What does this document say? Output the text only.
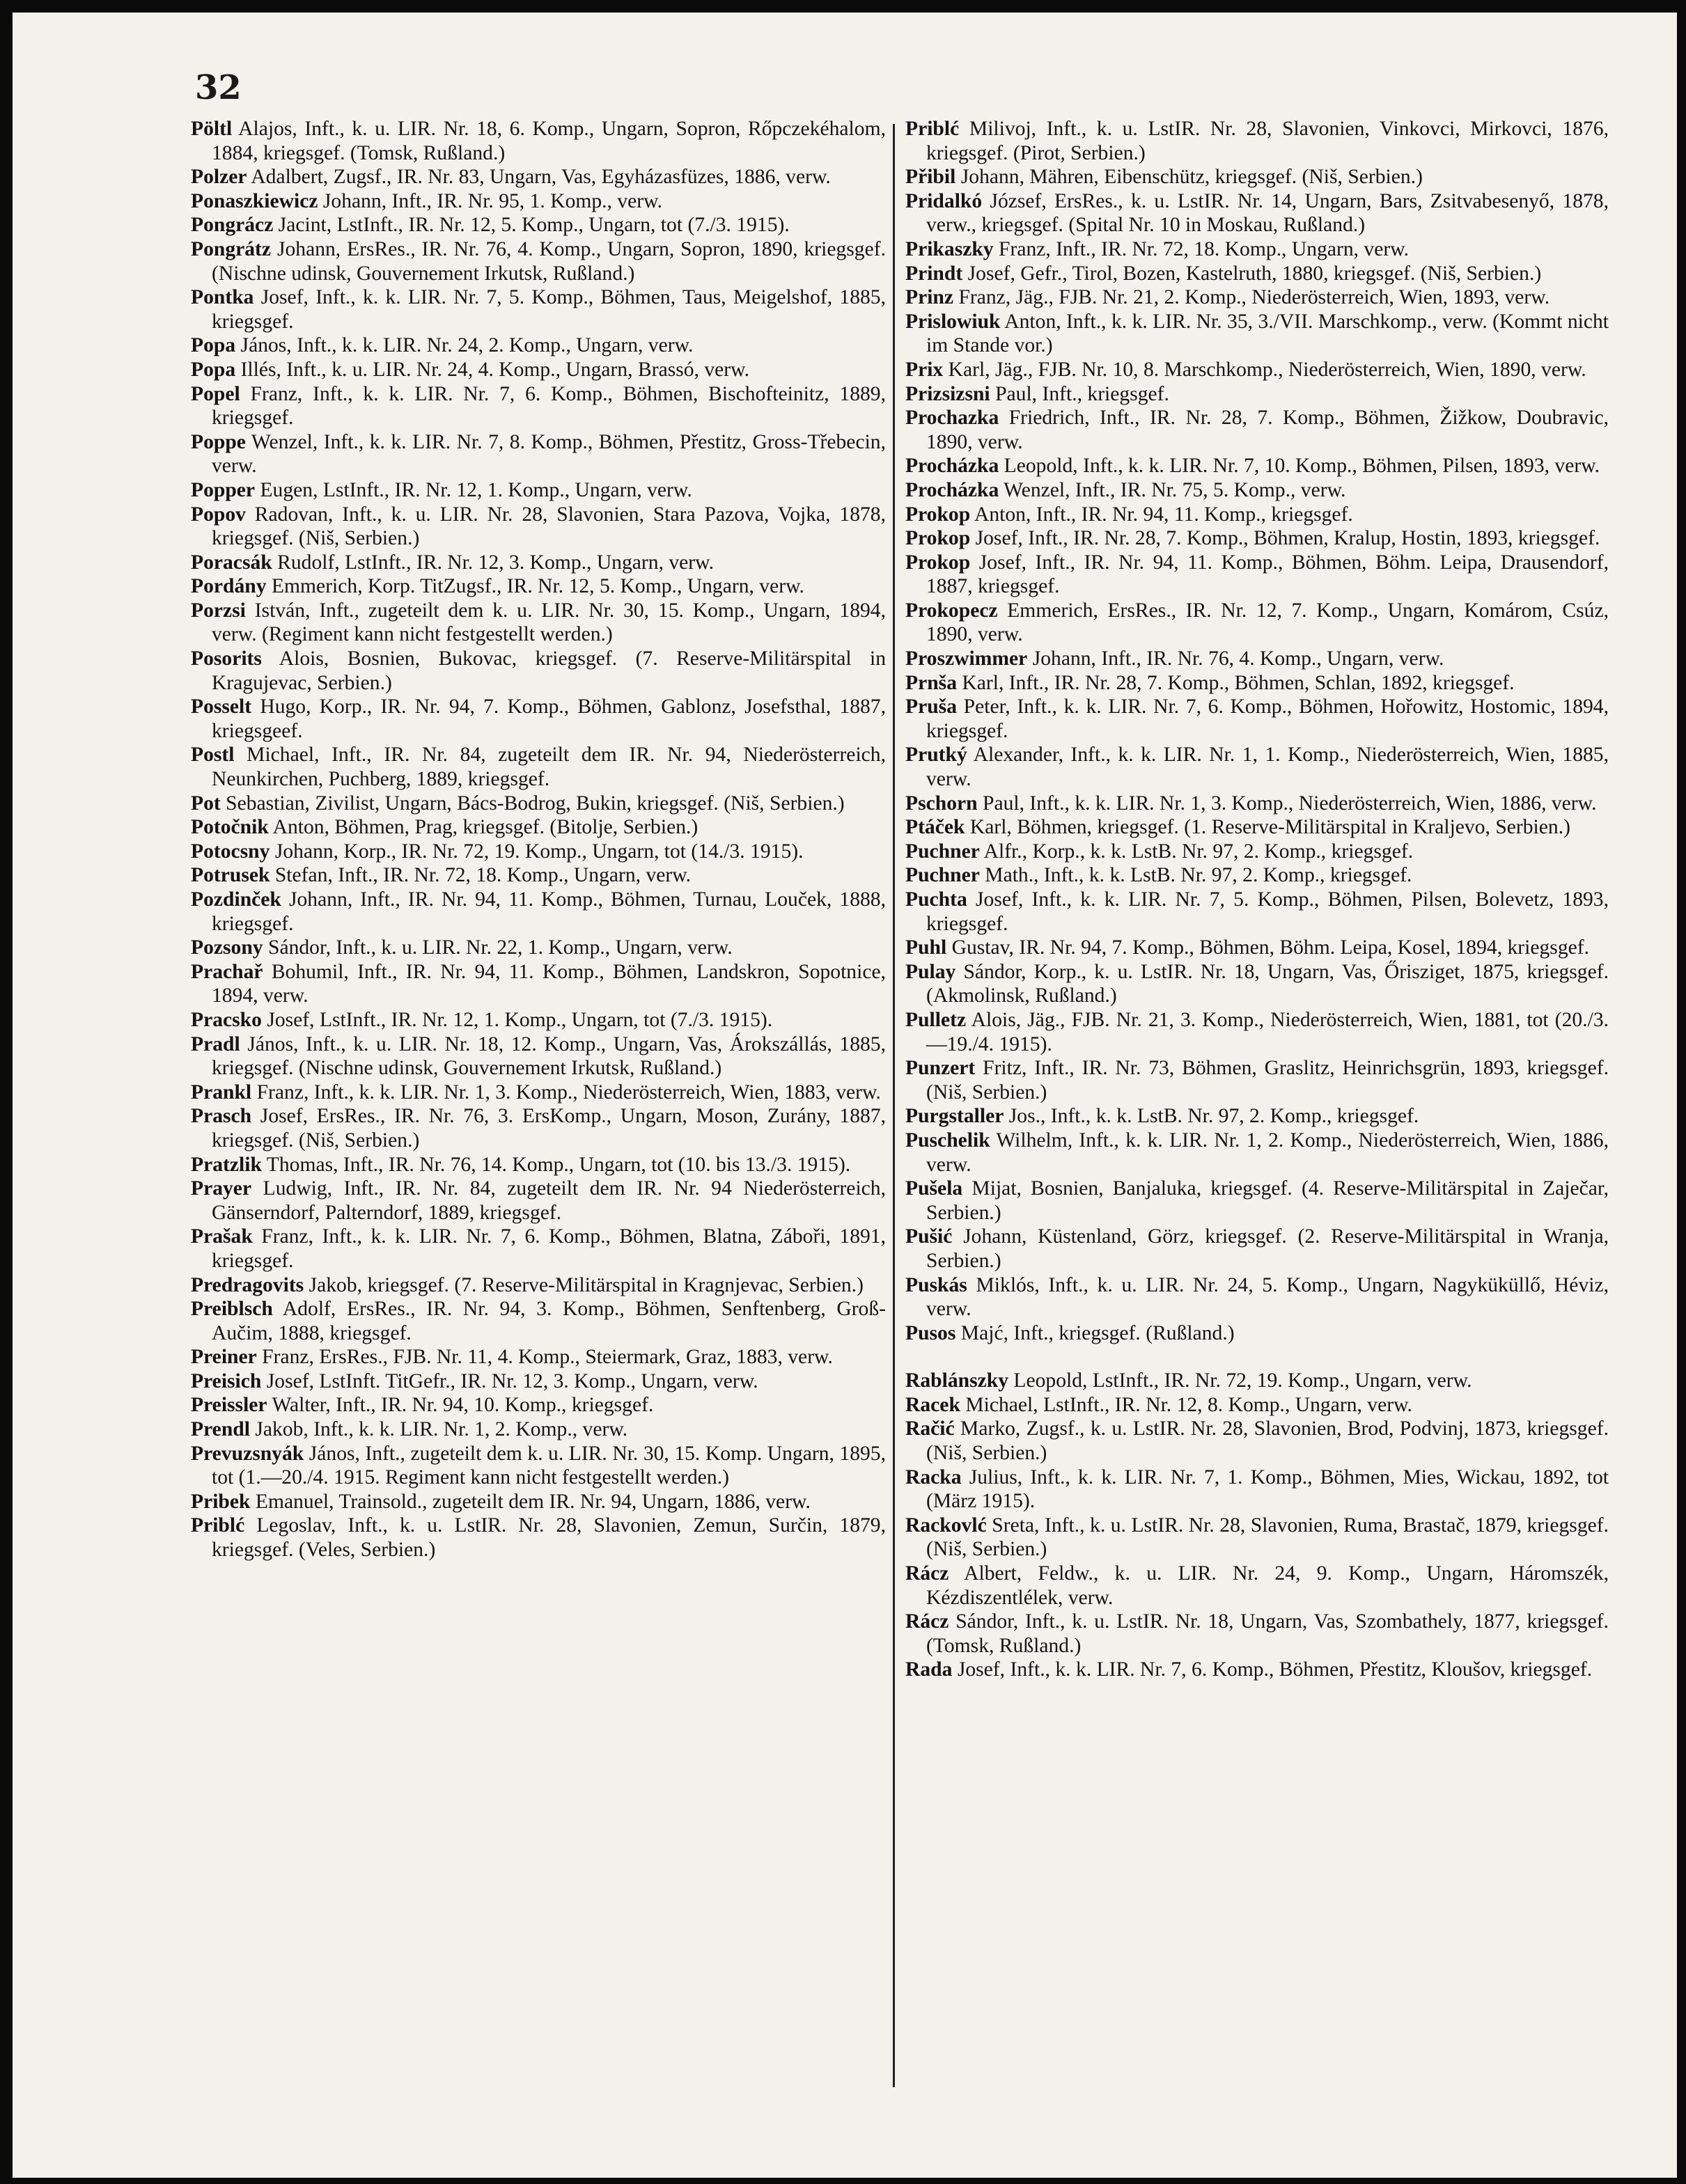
32

Pöltl Alajos, Inft., k. u. LIR. Nr. 18, 6. Komp., Ungarn, Sopron, Rőpczekéhalom, 1884, kriegsgef. (Tomsk, Rußland.)

Polzer Adalbert, Zugsf., IR. Nr. 83, Ungarn, Vas, Egyházasfüzes, 1886, verw.

Ponaszkiewicz Johann, Inft., IR. Nr. 95, 1. Komp., verw.

Pongrácz Jacint, LstInft., IR. Nr. 12, 5. Komp., Ungarn, tot (7./3. 1915).

Pongrátz Johann, ErsRes., IR. Nr. 76, 4. Komp., Ungarn, Sopron, 1890, kriegsgef. (Nischne udinsk, Gouvernement Irkutsk, Rußland.)

Pontka Josef, Inft., k. k. LIR. Nr. 7, 5. Komp., Böhmen, Taus, Meigelshof, 1885, kriegsgef.

Popa János, Inft., k. k. LIR. Nr. 24, 2. Komp., Ungarn, verw.

Popa Illés, Inft., k. u. LIR. Nr. 24, 4. Komp., Ungarn, Brassó, verw.

Popel Franz, Inft., k. k. LIR. Nr. 7, 6. Komp., Böhmen, Bischofteinitz, 1889, kriegsgef.

Poppe Wenzel, Inft., k. k. LIR. Nr. 7, 8. Komp., Böhmen, Přestitz, Gross-Třebecin, verw.

Popper Eugen, LstInft., IR. Nr. 12, 1. Komp., Ungarn, verw.

Popov Radovan, Inft., k. u. LIR. Nr. 28, Slavonien, Stara Pazova, Vojka, 1878, kriegsgef. (Niš, Serbien.)

Poracsák Rudolf, LstInft., IR. Nr. 12, 3. Komp., Ungarn, verw.

Pordány Emmerich, Korp. TitZugsf., IR. Nr. 12, 5. Komp., Ungarn, verw.

Porzsi István, Inft., zugeteilt dem k. u. LIR. Nr. 30, 15. Komp., Ungarn, 1894, verw. (Regiment kann nicht festgestellt werden.)

Posorits Alois, Bosnien, Bukovac, kriegsgef. (7. Reserve-Militärspital in Kragujevac, Serbien.)

Posselt Hugo, Korp., IR. Nr. 94, 7. Komp., Böhmen, Gablonz, Josefsthal, 1887, kriegsgeef.

Postl Michael, Inft., IR. Nr. 84, zugeteilt dem IR. Nr. 94, Niederösterreich, Neunkirchen, Puchberg, 1889, kriegsgef.

Pot Sebastian, Zivilist, Ungarn, Bács-Bodrog, Bukin, kriegsgef. (Niš, Serbien.)

Potočnik Anton, Böhmen, Prag, kriegsgef. (Bitolje, Serbien.)

Potocsny Johann, Korp., IR. Nr. 72, 19. Komp., Ungarn, tot (14./3. 1915).

Potrusek Stefan, Inft., IR. Nr. 72, 18. Komp., Ungarn, verw.

Pozdinček Johann, Inft., IR. Nr. 94, 11. Komp., Böhmen, Turnau, Louček, 1888, kriegsgef.

Pozsony Sándor, Inft., k. u. LIR. Nr. 22, 1. Komp., Ungarn, verw.

Prachař Bohumil, Inft., IR. Nr. 94, 11. Komp., Böhmen, Landskron, Sopotnice, 1894, verw.

Pracsko Josef, LstInft., IR. Nr. 12, 1. Komp., Ungarn, tot (7./3. 1915).

Pradl János, Inft., k. u. LIR. Nr. 18, 12. Komp., Ungarn, Vas, Árokszállás, 1885, kriegsgef. (Nischne udinsk, Gouvernement Irkutsk, Rußland.)

Prankl Franz, Inft., k. k. LIR. Nr. 1, 3. Komp., Niederösterreich, Wien, 1883, verw.

Prasch Josef, ErsRes., IR. Nr. 76, 3. ErsKomp., Ungarn, Moson, Zurány, 1887, kriegsgef. (Niš, Serbien.)

Pratzlik Thomas, Inft., IR. Nr. 76, 14. Komp., Ungarn, tot (10. bis 13./3. 1915).

Prayer Ludwig, Inft., IR. Nr. 84, zugeteilt dem IR. Nr. 94 Niederösterreich, Gänserndorf, Palterndorf, 1889, kriegsgef.

Prašak Franz, Inft., k. k. LIR. Nr. 7, 6. Komp., Böhmen, Blatna, Záboři, 1891, kriegsgef.

Predragovits Jakob, kriegsgef. (7. Reserve-Militärspital in Kragnjevac, Serbien.)

Preiblsch Adolf, ErsRes., IR. Nr. 94, 3. Komp., Böhmen, Senftenberg, Groß-Aučim, 1888, kriegsgef.

Preiner Franz, ErsRes., FJB. Nr. 11, 4. Komp., Steiermark, Graz, 1883, verw.

Preisich Josef, LstInft. TitGefr., IR. Nr. 12, 3. Komp., Ungarn, verw.

Preissler Walter, Inft., IR. Nr. 94, 10. Komp., kriegsgef.

Prendl Jakob, Inft., k. k. LIR. Nr. 1, 2. Komp., verw.

Prevuzsnyák János, Inft., zugeteilt dem k. u. LIR. Nr. 30, 15. Komp. Ungarn, 1895, tot (1.—20./4. 1915. Regiment kann nicht festgestellt werden.)

Pribek Emanuel, Trainsold., zugeteilt dem IR. Nr. 94, Ungarn, 1886, verw.

Priblć Legoslav, Inft., k. u. LstIR. Nr. 28, Slavonien, Zemun, Surčin, 1879, kriegsgef. (Veles, Serbien.)

Priblć Milivoj, Inft., k. u. LstIR. Nr. 28, Slavonien, Vinkovci, Mirkovci, 1876, kriegsgef. (Pirot, Serbien.)

Přibil Johann, Mähren, Eibenschütz, kriegsgef. (Niš, Serbien.)

Pridalkó József, ErsRes., k. u. LstIR. Nr. 14, Ungarn, Bars, Zsitvabesenyő, 1878, verw., kriegsgef. (Spital Nr. 10 in Moskau, Rußland.)

Prikaszky Franz, Inft., IR. Nr. 72, 18. Komp., Ungarn, verw.

Prindt Josef, Gefr., Tirol, Bozen, Kastelruth, 1880, kriegsgef. (Niš, Serbien.)

Prinz Franz, Jäg., FJB. Nr. 21, 2. Komp., Niederösterreich, Wien, 1893, verw.

Prislowiuk Anton, Inft., k. k. LIR. Nr. 35, 3./VII. Marschkomp., verw. (Kommt nicht im Stande vor.)

Prix Karl, Jäg., FJB. Nr. 10, 8. Marschkomp., Niederösterreich, Wien, 1890, verw.

Prizsizsni Paul, Inft., kriegsgef.

Prochazka Friedrich, Inft., IR. Nr. 28, 7. Komp., Böhmen, Žižkow, Doubravic, 1890, verw.

Procházka Leopold, Inft., k. k. LIR. Nr. 7, 10. Komp., Böhmen, Pilsen, 1893, verw.

Procházka Wenzel, Inft., IR. Nr. 75, 5. Komp., verw.

Prokop Anton, Inft., IR. Nr. 94, 11. Komp., kriegsgef.

Prokop Josef, Inft., IR. Nr. 28, 7. Komp., Böhmen, Kralup, Hostin, 1893, kriegsgef.

Prokop Josef, Inft., IR. Nr. 94, 11. Komp., Böhmen, Böhm. Leipa, Drausendorf, 1887, kriegsgef.

Prokopecz Emmerich, ErsRes., IR. Nr. 12, 7. Komp., Ungarn, Komárom, Csúz, 1890, verw.

Proszwimmer Johann, Inft., IR. Nr. 76, 4. Komp., Ungarn, verw.

Prnša Karl, Inft., IR. Nr. 28, 7. Komp., Böhmen, Schlan, 1892, kriegsgef.

Pruša Peter, Inft., k. k. LIR. Nr. 7, 6. Komp., Böhmen, Hořowitz, Hostomic, 1894, kriegsgef.

Prutký Alexander, Inft., k. k. LIR. Nr. 1, 1. Komp., Niederösterreich, Wien, 1885, verw.

Pschorn Paul, Inft., k. k. LIR. Nr. 1, 3. Komp., Niederösterreich, Wien, 1886, verw.

Ptáček Karl, Böhmen, kriegsgef. (1. Reserve-Militärspital in Kraljevo, Serbien.)

Puchner Alfr., Korp., k. k. LstB. Nr. 97, 2. Komp., kriegsgef.

Puchner Math., Inft., k. k. LstB. Nr. 97, 2. Komp., kriegsgef.

Puchta Josef, Inft., k. k. LIR. Nr. 7, 5. Komp., Böhmen, Pilsen, Bolevetz, 1893, kriegsgef.

Puhl Gustav, IR. Nr. 94, 7. Komp., Böhmen, Böhm. Leipa, Kosel, 1894, kriegsgef.

Pulay Sándor, Korp., k. u. LstIR. Nr. 18, Ungarn, Vas, Őrisziget, 1875, kriegsgef. (Akmolinsk, Rußland.)

Pulletz Alois, Jäg., FJB. Nr. 21, 3. Komp., Niederösterreich, Wien, 1881, tot (20./3.—19./4. 1915).

Punzert Fritz, Inft., IR. Nr. 73, Böhmen, Graslitz, Heinrichsgrün, 1893, kriegsgef. (Niš, Serbien.)

Purgstaller Jos., Inft., k. k. LstB. Nr. 97, 2. Komp., kriegsgef.

Puschelik Wilhelm, Inft., k. k. LIR. Nr. 1, 2. Komp., Niederösterreich, Wien, 1886, verw.

Pušela Mijat, Bosnien, Banjaluka, kriegsgef. (4. Reserve-Militärspital in Zaječar, Serbien.)

Pušić Johann, Küstenland, Görz, kriegsgef. (2. Reserve-Militärspital in Wranja, Serbien.)

Puskás Miklós, Inft., k. u. LIR. Nr. 24, 5. Komp., Ungarn, Nagyküküllő, Héviz, verw.

Pusos Majć, Inft., kriegsgef. (Rußland.)

Rablánszky Leopold, LstInft., IR. Nr. 72, 19. Komp., Ungarn, verw.

Racek Michael, LstInft., IR. Nr. 12, 8. Komp., Ungarn, verw.

Račić Marko, Zugsf., k. u. LstIR. Nr. 28, Slavonien, Brod, Podvinj, 1873, kriegsgef. (Niš, Serbien.)

Racka Julius, Inft., k. k. LIR. Nr. 7, 1. Komp., Böhmen, Mies, Wickau, 1892, tot (März 1915).

Rackovlć Sreta, Inft., k. u. LstIR. Nr. 28, Slavonien, Ruma, Brastač, 1879, kriegsgef. (Niš, Serbien.)

Rácz Albert, Feldw., k. u. LIR. Nr. 24, 9. Komp., Ungarn, Háromszék, Kézdiszentlélek, verw.

Rácz Sándor, Inft., k. u. LstIR. Nr. 18, Ungarn, Vas, Szombathely, 1877, kriegsgef. (Tomsk, Rußland.)

Rada Josef, Inft., k. k. LIR. Nr. 7, 6. Komp., Böhmen, Přestitz, Kloušov, kriegsgef.
